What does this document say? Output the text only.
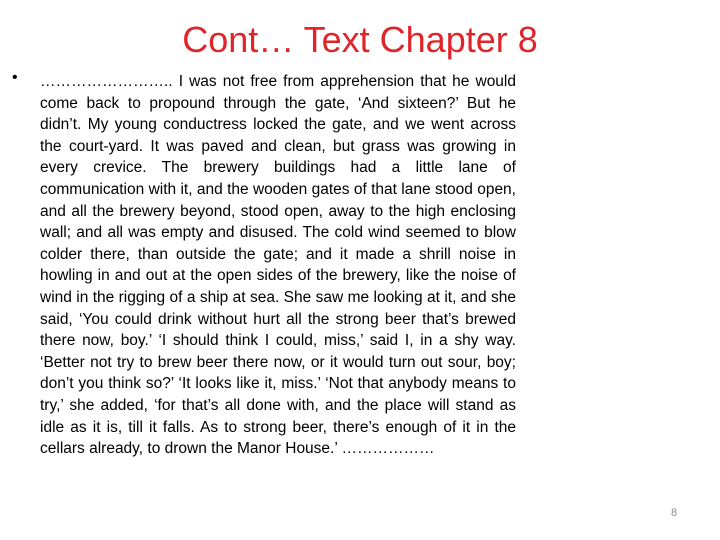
Cont… Text Chapter 8
• …………………….. I was not free from apprehension that he would come back to propound through the gate, ‘And sixteen?’ But he didn’t. My young conductress locked the gate, and we went across the court-yard. It was paved and clean, but grass was growing in every crevice. The brewery buildings had a little lane of communication with it, and the wooden gates of that lane stood open, and all the brewery beyond, stood open, away to the high enclosing wall; and all was empty and disused. The cold wind seemed to blow colder there, than outside the gate; and it made a shrill noise in howling in and out at the open sides of the brewery, like the noise of wind in the rigging of a ship at sea. She saw me looking at it, and she said, ‘You could drink without hurt all the strong beer that’s brewed there now, boy.’ ‘I should think I could, miss,’ said I, in a shy way. ‘Better not try to brew beer there now, or it would turn out sour, boy; don’t you think so?’ ‘It looks like it, miss.’ ‘Not that anybody means to try,’ she added, ‘for that’s all done with, and the place will stand as idle as it is, till it falls. As to strong beer, there’s enough of it in the cellars already, to drown the Manor House.’ ………………

8
